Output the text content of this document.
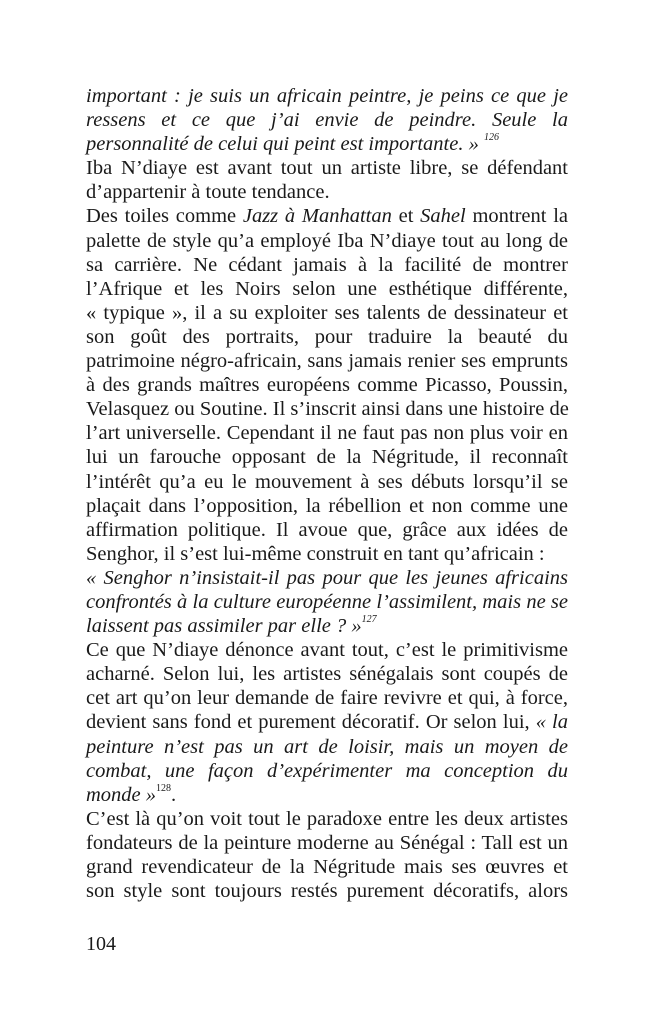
important : je suis un africain peintre, je peins ce que je
ressens et ce que j’ai envie de peindre. Seule la
personnalité de celui qui peint est importante. » $^{126}$
Iba N’diaye est avant tout un artiste libre, se défendant
d’appartenir à toute tendance.
Des toiles comme Jazz à Manhattan et Sahel montrent la
palette de style qu’a employé Iba N’diaye tout au long de
sa carrière. Ne cédant jamais à la facilité de montrer
l’Afrique et les Noirs selon une esthétique différente,
« typique », il a su exploiter ses talents de dessinateur et
son goût des portraits, pour traduire la beauté du
patrimoine négro-africain, sans jamais renier ses emprunts
à des grands maîtres européens comme Picasso, Poussin,
Velasquez ou Soutine. Il s’inscrit ainsi dans une histoire de
l’art universelle. Cependant il ne faut pas non plus voir en
lui un farouche opposant de la Négritude, il reconnaît
l’intérêt qu’a eu le mouvement à ses débuts lorsqu’il se
plaçait dans l’opposition, la rébellion et non comme une
affirmation politique. Il avoue que, grâce aux idées de
Senghor, il s’est lui-même construit en tant qu’africain :
« Senghor n’insistait-il pas pour que les jeunes africains
confrontés à la culture européenne l’assimilent, mais ne se
laissent pas assimiler par elle ? »$^{127}$
Ce que N’diaye dénonce avant tout, c’est le primitivisme
acharné. Selon lui, les artistes sénégalais sont coupés de
cet art qu’on leur demande de faire revivre et qui, à force,
devient sans fond et purement décoratif. Or selon lui, « la
peinture n’est pas un art de loisir, mais un moyen de
combat, une façon d’expérimenter ma conception du
monde »$^{128}$.
C’est là qu’on voit tout le paradoxe entre les deux artistes
fondateurs de la peinture moderne au Sénégal : Tall est un
grand revendicateur de la Négritude mais ses œuvres et
son style sont toujours restés purement décoratifs, alors
104
